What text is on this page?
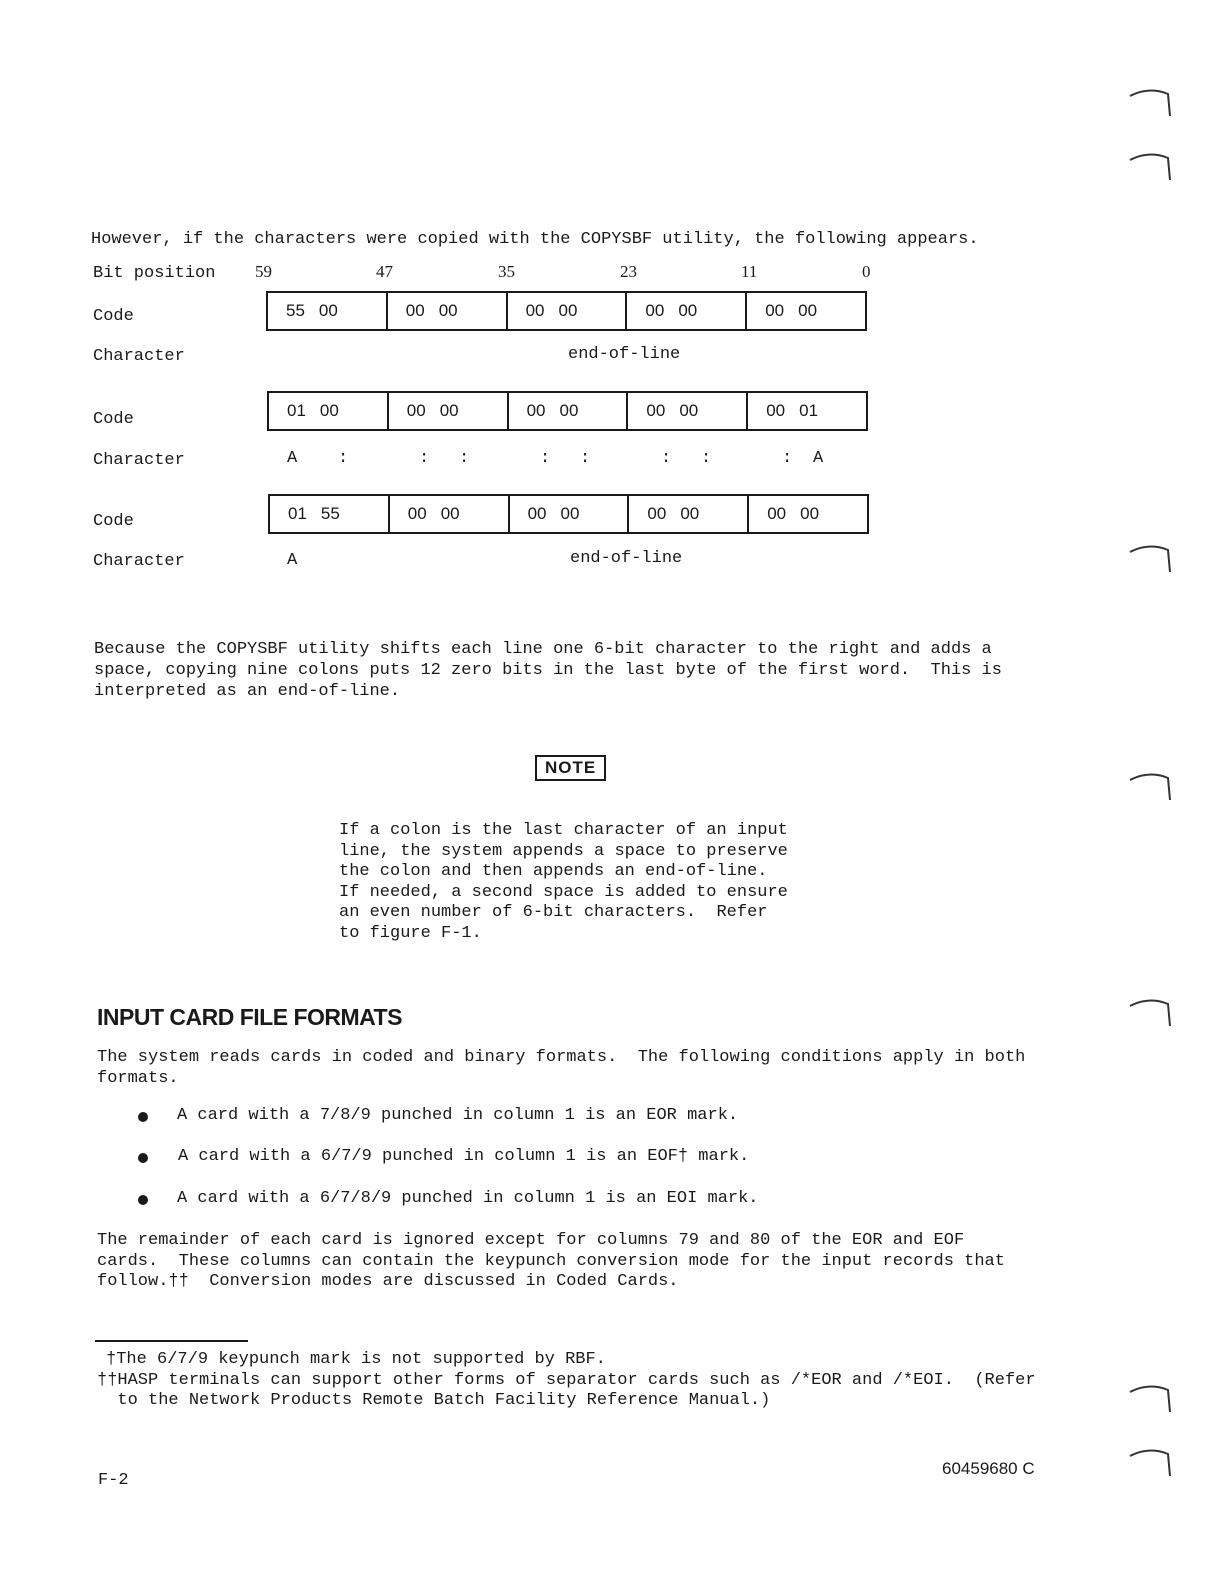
However, if the characters were copied with the COPYSBF utility, the following appears.
Bit position 59	47	35	23	11	0
Code	55 00	00 00	00 00	00 00	00 00
Character	end-of-line
Code	01 00	00 00	00 00	00 00	00 01
Character	A :	: :	: :	: :	: A
Code	01 55	00 00	00 00	00 00	00 00
Character	A	end-of-line
Because the COPYSBF utility shifts each line one 6-bit character to the right and adds a
space, copying nine colons puts 12 zero bits in the last byte of the first word.  This is
interpreted as an end-of-line.
NOTE
If a colon is the last character of an input
line, the system appends a space to preserve
the colon and then appends an end-of-line.
If needed, a second space is added to ensure
an even number of 6-bit characters.  Refer
to figure F-1.
INPUT CARD FILE FORMATS
The system reads cards in coded and binary formats.  The following conditions apply in both
formats.
A card with a 7/8/9 punched in column 1 is an EOR mark.
A card with a 6/7/9 punched in column 1 is an EOF† mark.
A card with a 6/7/8/9 punched in column 1 is an EOI mark.
The remainder of each card is ignored except for columns 79 and 80 of the EOR and EOF
cards.  These columns can contain the keypunch conversion mode for the input records that
follow.††  Conversion modes are discussed in Coded Cards.
†The 6/7/9 keypunch mark is not supported by RBF.
††HASP terminals can support other forms of separator cards such as /*EOR and /*EOI.  (Refer
to the Network Products Remote Batch Facility Reference Manual.)
F-2
60459680 C
